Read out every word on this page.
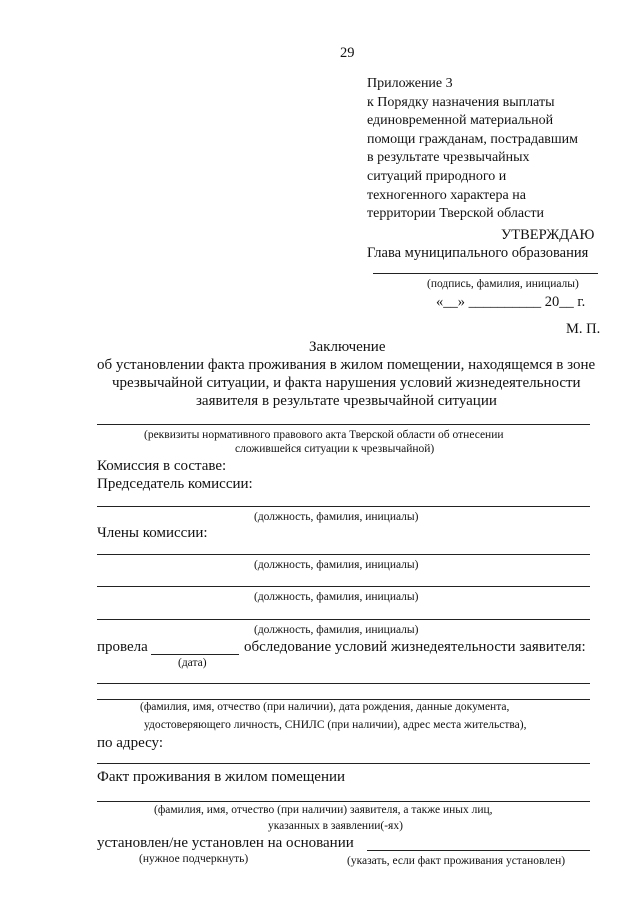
29
Приложение 3
к Порядку назначения выплаты
единовременной материальной
помощи гражданам, пострадавшим
в результате чрезвычайных
ситуаций природного и
техногенного характера на
территории Тверской области
УТВЕРЖДАЮ
Глава муниципального образования
(подпись, фамилия, инициалы)
«__» __________ 20__ г.
М. П.
Заключение
об установлении факта проживания в жилом помещении, находящемся в зоне
чрезвычайной ситуации, и факта нарушения условий жизнедеятельности
заявителя в результате чрезвычайной ситуации
(реквизиты нормативного правового акта Тверской области об отнесении
сложившейся ситуации к чрезвычайной)
Комиссия в составе:
Председатель комиссии:
(должность, фамилия, инициалы)
Члены комиссии:
(должность, фамилия, инициалы)
(должность, фамилия, инициалы)
(должность, фамилия, инициалы)
провела	обследование условий жизнедеятельности заявителя:
(дата)
(фамилия, имя, отчество (при наличии), дата рождения, данные документа,
удостоверяющего личность, СНИЛС (при наличии), адрес места жительства),
по адресу:
Факт проживания в жилом помещении
(фамилия, имя, отчество (при наличии) заявителя, а также иных лиц,
указанных в заявлении(-ях)
установлен/не установлен на основании
(нужное подчеркнуть)	(указать, если факт проживания установлен)
